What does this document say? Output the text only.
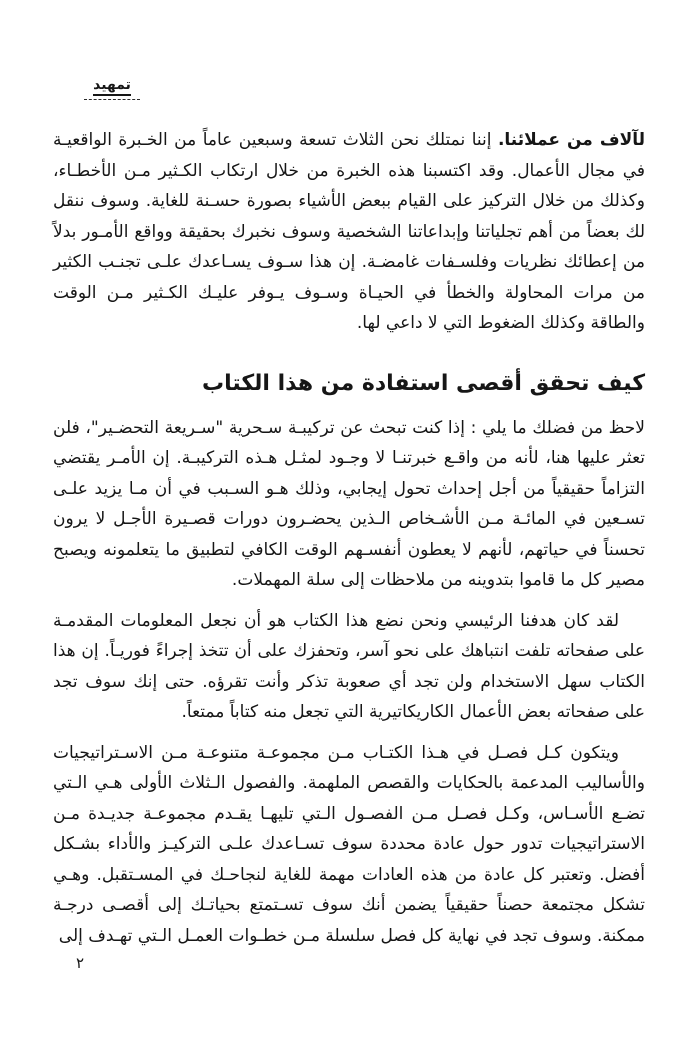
تمهيد

لآلاف من عملائنا. إننا نمتلك نحن الثلاث تسعة وسبعين عاماً من الخـبرة الواقعيـة في مجال الأعمال. وقد اكتسبنا هذه الخبرة من خلال ارتكاب الكـثير مـن الأخطـاء، وكذلك من خلال التركيز على القيام ببعض الأشياء بصورة حسـنة للغاية. وسوف ننقل لك بعضاً من أهم تجلياتنا وإبداعاتنا الشخصية وسوف نخبرك بحقيقة وواقع الأمـور بدلاً من إعطائك نظريات وفلسـفات غامضـة. إن هذا سـوف يسـاعدك علـى تجنـب الكثير من مرات المحاولة والخطأ في الحيـاة وسـوف يـوفر عليـك الكـثير مـن الوقت والطاقة وكذلك الضغوط التي لا داعي لها.

كيف تحقق أقصى استفادة من هذا الكتاب

لاحظ من فضلك ما يلي : إذا كنت تبحث عن تركيبـة سـحرية "سـريعة التحضـير"، فلن تعثر عليها هنا، لأنه من واقـع خبرتنـا لا وجـود لمثـل هـذه التركيبـة. إن الأمـر يقتضي التزاماً حقيقياً من أجل إحداث تحول إيجابي، وذلك هـو السـبب في أن مـا يزيد علـى تسـعين في المائـة مـن الأشـخاص الـذين يحضـرون دورات قصـيرة الأجـل لا يرون تحسناً في حياتهم، لأنهم لا يعطون أنفسـهم الوقت الكافي لتطبيق ما يتعلمونه ويصبح مصير كل ما قاموا بتدوينه من ملاحظات إلى سلة المهملات.

لقد كان هدفنا الرئيسي ونحن نضع هذا الكتاب هو أن نجعل المعلومات المقدمـة على صفحاته تلفت انتباهك على نحو آسر، وتحفزك على أن تتخذ إجراءً فوريـاً. إن هذا الكتاب سهل الاستخدام ولن تجد أي صعوبة تذكر وأنت تقرؤه. حتى إنك سوف تجد على صفحاته بعض الأعمال الكاريكاتيرية التي تجعل منه كتاباً ممتعاً.

ويتكون كـل فصـل في هـذا الكتـاب مـن مجموعـة متنوعـة مـن الاسـتراتيجيات والأساليب المدعمة بالحكايات والقصص الملهمة. والفصول الـثلاث الأولى هـي الـتي تضـع الأسـاس، وكـل فصـل مـن الفصـول الـتي تليهـا يقـدم مجموعـة جديـدة مـن الاستراتيجيات تدور حول عادة محددة سوف تسـاعدك علـى التركيـز والأداء بشـكل أفضل. وتعتبر كل عادة من هذه العادات مهمة للغاية لنجاحـك في المسـتقبل. وهـي تشكل مجتمعة حصناً حقيقياً يضمن أنك سوف تسـتمتع بحياتـك إلى أقصـى درجـة ممكنة. وسوف تجد في نهاية كل فصل سلسلة مـن خطـوات العمـل الـتي تهـدف إلى

٢
